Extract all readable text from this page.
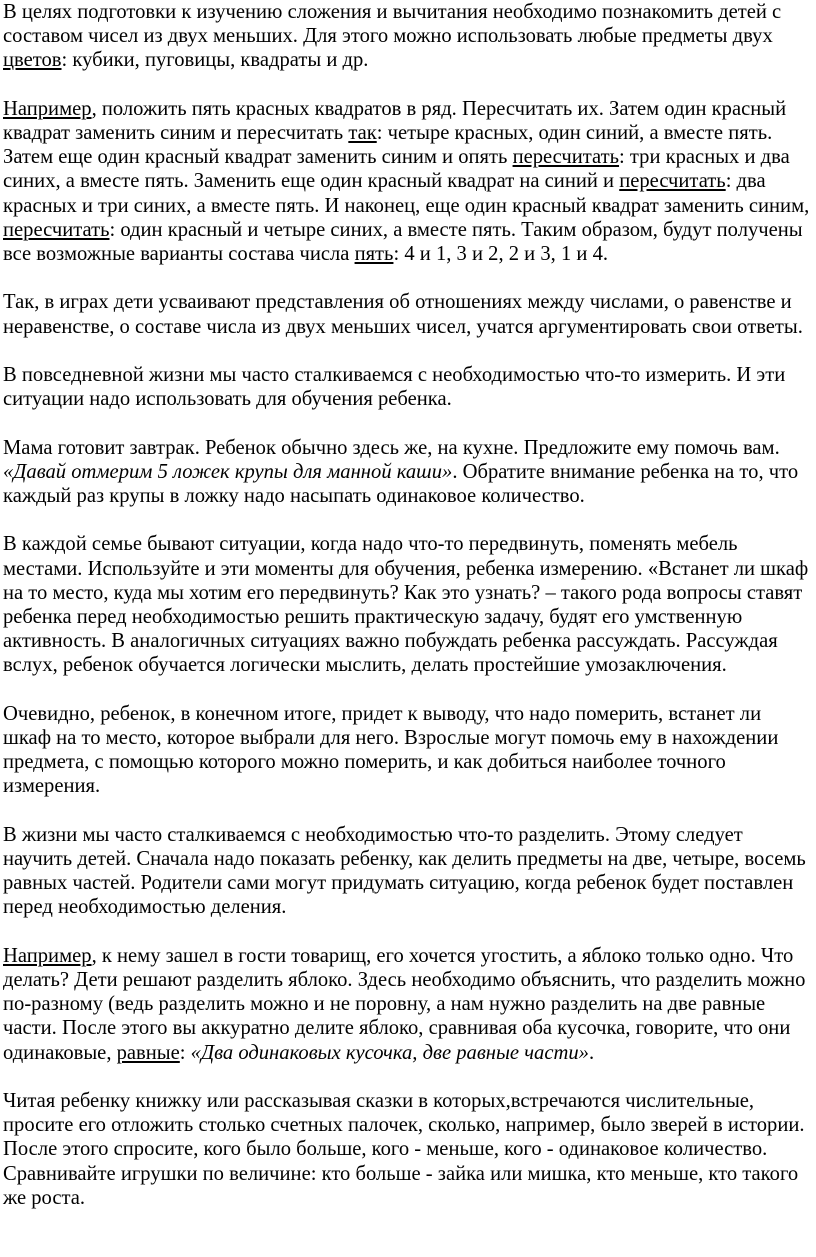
В целях подготовки к изучению сложения и вычитания необходимо познакомить детей с составом чисел из двух меньших. Для этого можно использовать любые предметы двух цветов: кубики, пуговицы, квадраты и др.

Например, положить пять красных квадратов в ряд. Пересчитать их. Затем один красный квадрат заменить синим и пересчитать так: четыре красных, один синий, а вместе пять. Затем еще один красный квадрат заменить синим и опять пересчитать: три красных и два синих, а вместе пять. Заменить еще один красный квадрат на синий и пересчитать: два красных и три синих, а вместе пять. И наконец, еще один красный квадрат заменить синим, пересчитать: один красный и четыре синих, а вместе пять. Таким образом, будут получены все возможные варианты состава числа пять: 4 и 1, 3 и 2, 2 и 3, 1 и 4.

Так, в играх дети усваивают представления об отношениях между числами, о равенстве и неравенстве, о составе числа из двух меньших чисел, учатся аргументировать свои ответы.

В повседневной жизни мы часто сталкиваемся с необходимостью что-то измерить. И эти ситуации надо использовать для обучения ребенка.

Мама готовит завтрак. Ребенок обычно здесь же, на кухне. Предложите ему помочь вам. «Давай отмерим 5 ложек крупы для манной каши». Обратите внимание ребенка на то, что каждый раз крупы в ложку надо насыпать одинаковое количество.

В каждой семье бывают ситуации, когда надо что-то передвинуть, поменять мебель местами. Используйте и эти моменты для обучения, ребенка измерению. «Встанет ли шкаф на то место, куда мы хотим его передвинуть? Как это узнать? – такого рода вопросы ставят ребенка перед необходимостью решить практическую задачу, будят его умственную активность. В аналогичных ситуациях важно побуждать ребенка рассуждать. Рассуждая вслух, ребенок обучается логически мыслить, делать простейшие умозаключения.

Очевидно, ребенок, в конечном итоге, придет к выводу, что надо померить, встанет ли шкаф на то место, которое выбрали для него. Взрослые могут помочь ему в нахождении предмета, с помощью которого можно померить, и как добиться наиболее точного измерения.

В жизни мы часто сталкиваемся с необходимостью что-то разделить. Этому следует научить детей. Сначала надо показать ребенку, как делить предметы на две, четыре, восемь равных частей. Родители сами могут придумать ситуацию, когда ребенок будет поставлен перед необходимостью деления.

Например, к нему зашел в гости товарищ, его хочется угостить, а яблоко только одно. Что делать? Дети решают разделить яблоко. Здесь необходимо объяснить, что разделить можно по-разному (ведь разделить можно и не поровну, а нам нужно разделить на две равные части. После этого вы аккуратно делите яблоко, сравнивая оба кусочка, говорите, что они одинаковые, равные: «Два одинаковых кусочка, две равные части».

Читая ребенку книжку или рассказывая сказки в которых,встречаются числительные, просите его отложить столько счетных палочек, сколько, например, было зверей в истории. После этого спросите, кого было больше, кого - меньше, кого - одинаковое количество. Сравнивайте игрушки по величине: кто больше - зайка или мишка, кто меньше, кто такого же роста.
